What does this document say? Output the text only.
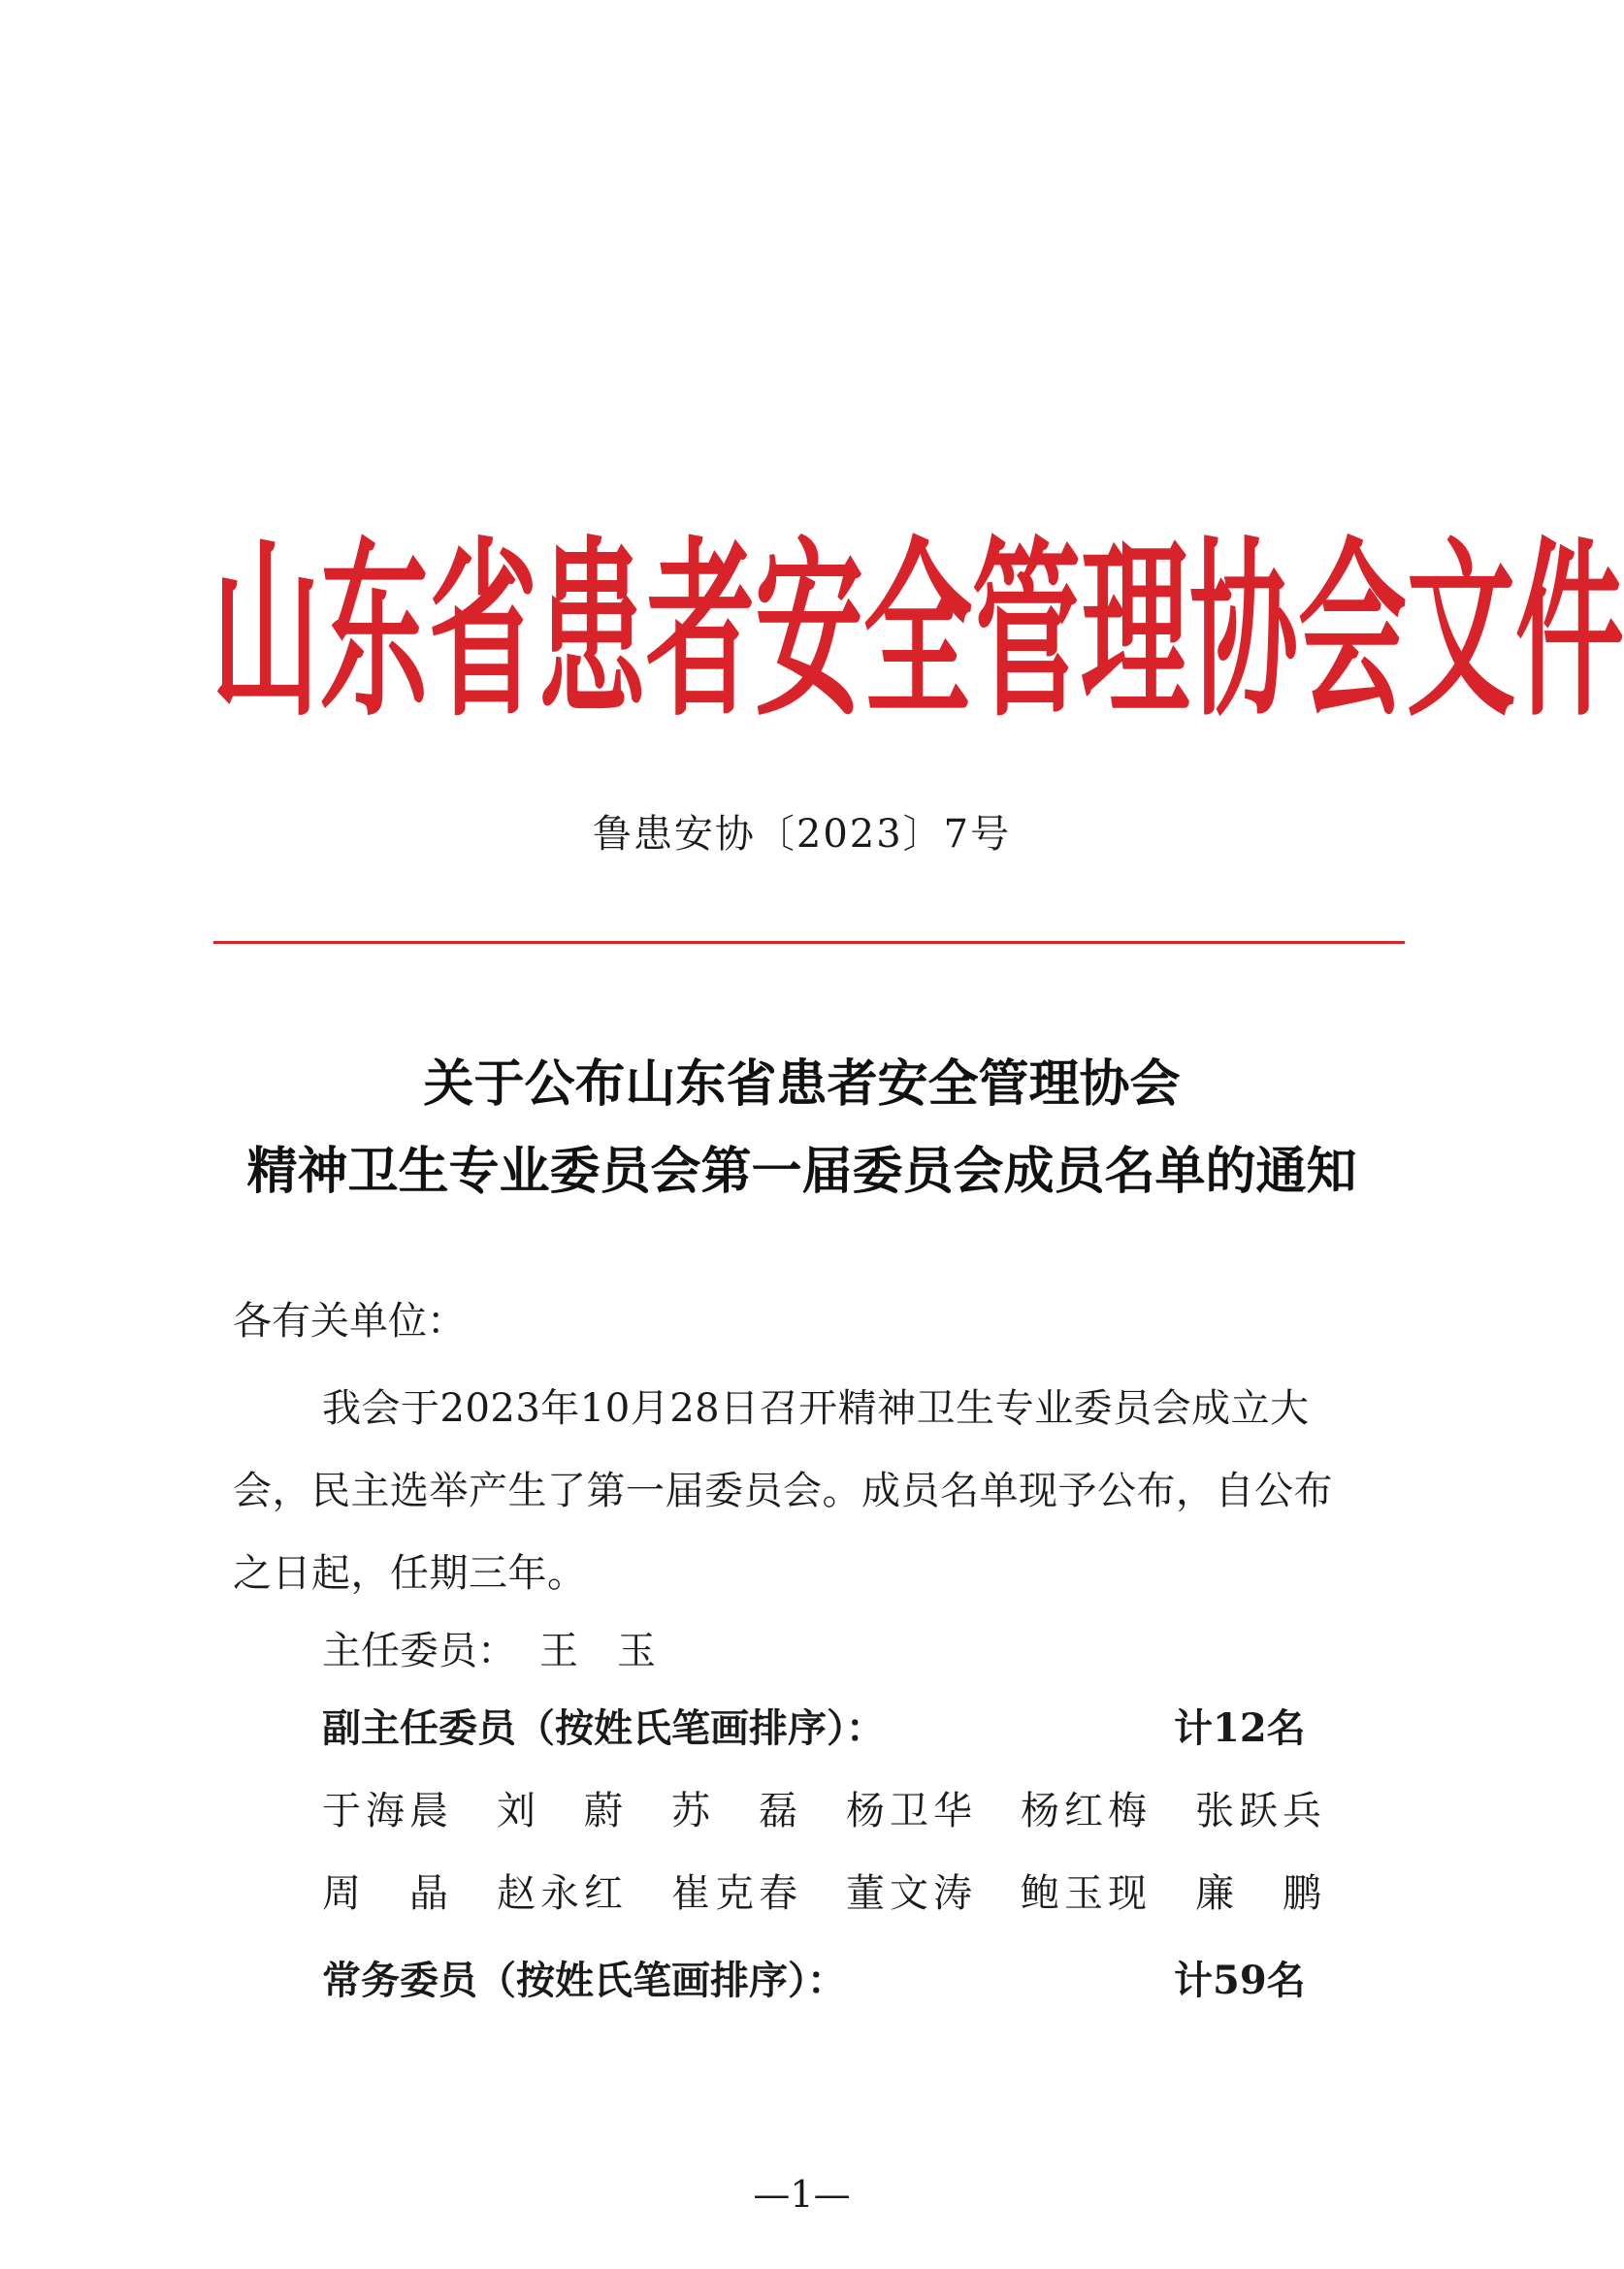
山 东 省 患 者 安 全 管 理 协 会 文 件
鲁患安协〔2023〕7号
关于公布山东省患者安全管理协会
精神卫生专业委员会第一届委员会成员名单的通知
各有关单位：
我会于2023年10月28日召开精神卫生专业委员会成立大
会，民主选举产生了第一届委员会。成员名单现予公布，自公布
之日起，任期三年。
主任委员： 王玉
副主任委员（按姓氏笔画排序）：	计12名
于海晨 刘蔚 苏磊 杨卫华 杨红梅 张跃兵
周晶 赵永红 崔克春 董文涛 鲍玉现 廉鹏
常务委员（按姓氏笔画排序）：	计59名
—1—
